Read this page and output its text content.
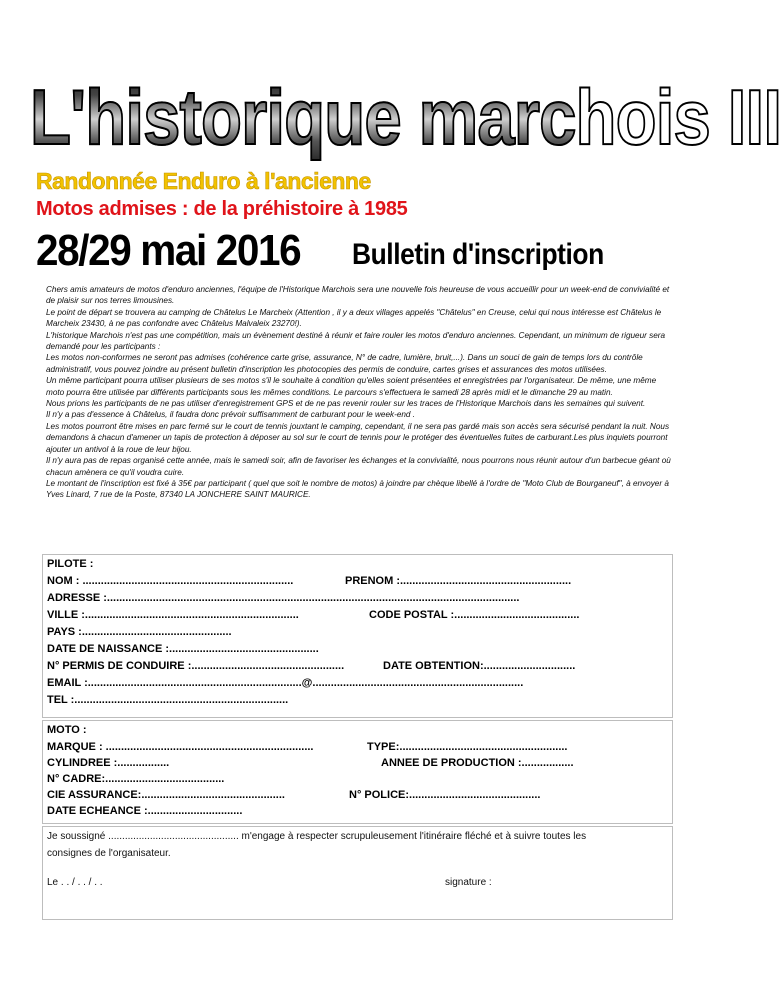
L'historique marchois III
Randonnée Enduro à l'ancienne
Motos admises : de la préhistoire à 1985
28/29 mai 2016 Bulletin d'inscription

Chers amis amateurs de motos d'enduro anciennes, l'équipe de l'Historique Marchois sera une nouvelle fois heureuse de vous accueillir pour un week-end de convivialité et de plaisir sur nos terres limousines.

Le point de départ se trouvera au camping de Châtelus Le Marcheix (Attention , il y a deux villages appelés "Châtelus" en Creuse, celui qui nous intéresse est Châtelus le Marcheix 23430, à ne pas confondre avec Châtelus Malvaleix 23270!).

L'historique Marchois n'est pas une compétition, mais un évènement destiné à réunir et faire rouler les motos d'enduro anciennes. Cependant, un minimum de rigueur sera demandé pour les participants :

Les motos non-conformes ne seront pas admises (cohérence carte grise, assurance, N° de cadre, lumière, bruit,...). Dans un souci de gain de temps lors du contrôle administratif, vous pouvez joindre au présent bulletin d'inscription les photocopies des permis de conduire, cartes grises et assurances des motos utilisées.

Un même participant pourra utiliser plusieurs de ses motos s'il le souhaite à condition qu'elles soient présentées et enregistrées par l'organisateur. De même, une même moto pourra être utilisée par différents participants sous les mêmes conditions. Le parcours s'effectuera le samedi 28 après midi et le dimanche 29 au matin.

Nous prions les participants de ne pas utiliser d'enregistrement GPS et de ne pas revenir rouler sur les traces de l'Historique Marchois dans les semaines qui suivent.

Il n'y a pas d'essence à Châtelus, il faudra donc prévoir suffisamment de carburant pour le week-end .

Les motos pourront être mises en parc fermé sur le court de tennis jouxtant le camping, cependant, il ne sera pas gardé mais son accès sera sécurisé pendant la nuit. Nous demandons à chacun d'amener un tapis de protection à déposer au sol sur le court de tennis pour le protéger des éventuelles fuites de carburant.Les plus inquiets pourront ajouter un antivol à la roue de leur bijou.

Il n'y aura pas de repas organisé cette année, mais le samedi soir, afin de favoriser les échanges et la convivialité, nous pourrons nous réunir autour d'un barbecue géant où chacun amènera ce qu'il voudra cuire.

Le montant de l'inscription est fixé à 35€ par participant ( quel que soit le nombre de motos) à joindre par chèque libellé à l'ordre de "Moto Club de Bourganeuf", à envoyer à Yves Linard, 7 rue de la Poste, 87340 LA JONCHERE SAINT MAURICE.

PILOTE :
NOM : .....................................................................	PRENOM :........................................................
ADRESSE :.......................................................................................................................................
VILLE :......................................................................	CODE POSTAL :.........................................
PAYS :.................................................
DATE DE NAISSANCE :.................................................
N° PERMIS DE CONDUIRE :..................................................	DATE OBTENTION:..............................
EMAIL :......................................................................@.....................................................................
TEL :......................................................................
MOTO :
MARQUE : ....................................................................	TYPE:.......................................................
CYLINDREE :.................	ANNEE DE PRODUCTION :.................
N° CADRE:.......................................
CIE ASSURANCE:...............................................	N° POLICE:...........................................
DATE ECHEANCE :...............................
Je soussigné ............................................... m'engage à respecter scrupuleusement l'itinéraire fléché et à suivre toutes les
consignes de l'organisateur.
Le . . / . . / . .	signature :
